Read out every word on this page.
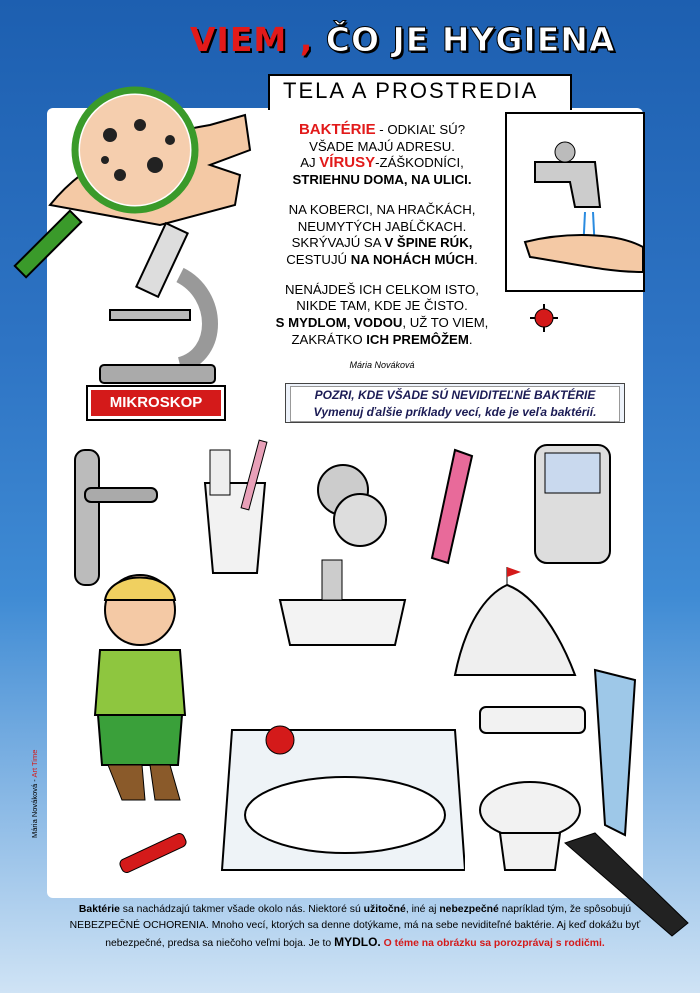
VIEM , ČO JE HYGIENA
TELA A PROSTREDIA
MIKROSKOP
BAKTÉRIE - ODKIAĽ SÚ?
VŠADE MAJÚ ADRESU.
AJ VÍRUSY-ZÁŠKODNÍCI,
STRIEHNU DOMA, NA ULICI.
NA KOBERCI, NA HRAČKÁCH,
NEUMYTÝCH JABĹČKACH.
SKRÝVAJÚ SA V ŠPINE RÚK,
CESTUJÚ NA NOHÁCH MÚCH.
NENÁJDEŠ ICH CELKOM ISTO,
NIKDE TAM, KDE JE ČISTO.
S MYDLOM, VODOU, UŽ TO VIEM,
ZAKRÁTKO ICH PREMÔŽEM.
Mária Nováková
POZRI, KDE VŠADE SÚ NEVIDITEĽNÉ BAKTÉRIE
Vymenuj ďalšie príklady vecí, kde je veľa baktérií.
Mária Nováková - Art Time
Baktérie sa nachádzajú takmer všade okolo nás. Niektoré sú užitočné, iné aj nebezpečné napríklad tým, že spôsobujú
NEBEZPEČNÉ OCHORENIA. Mnoho vecí, ktorých sa denne dotýkame, má na sebe neviditeľné baktérie. Aj keď dokážu byť
nebezpečné, predsa sa niečoho veľmi boja. Je to MYDLO. O téme na obrázku sa porozprávaj s rodičmi.
